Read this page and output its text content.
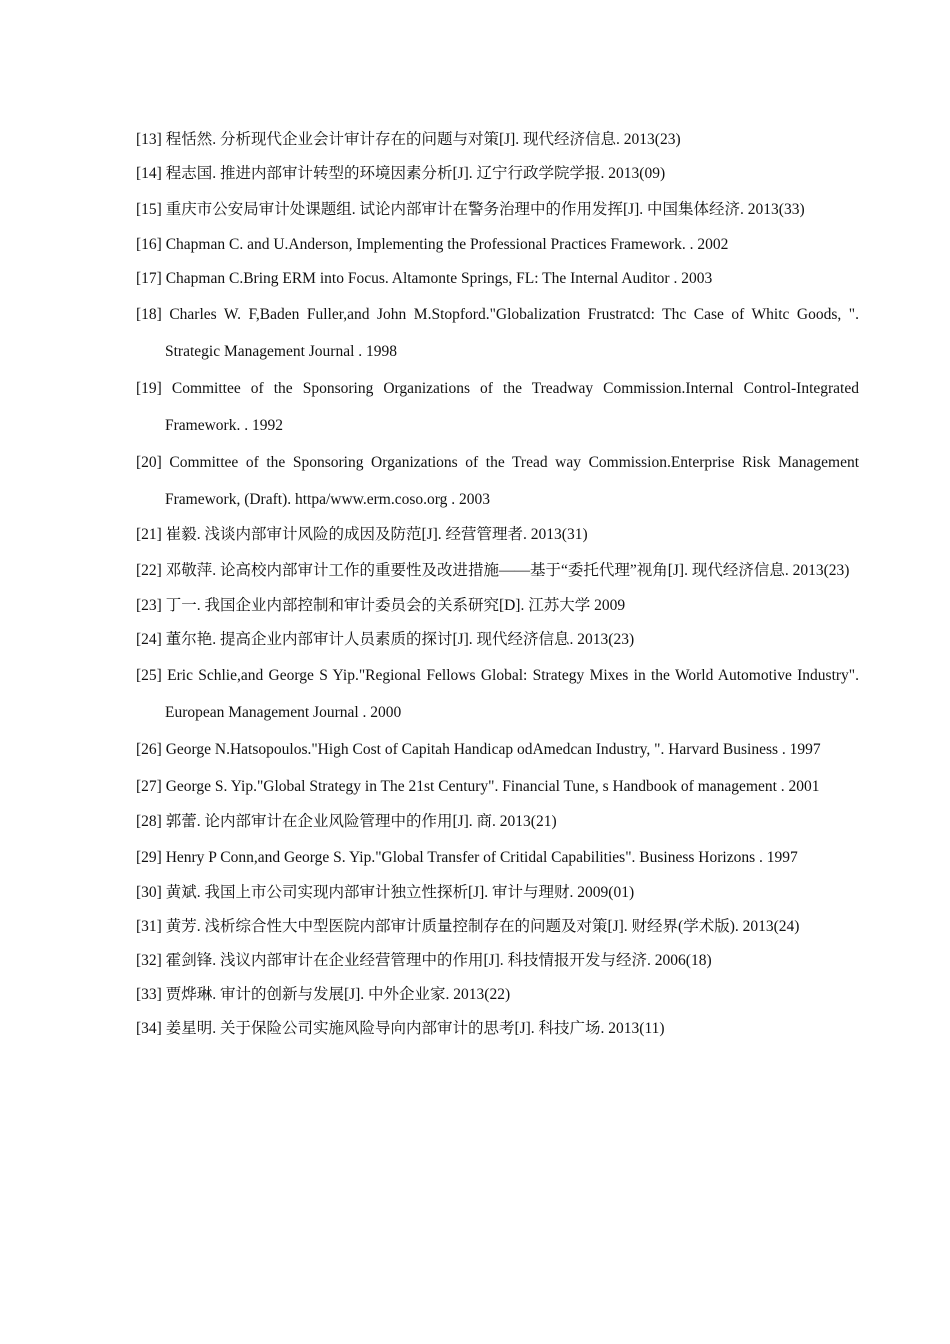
[13] 程恬然. 分析现代企业会计审计存在的问题与对策[J]. 现代经济信息. 2013(23)

[14] 程志国. 推进内部审计转型的环境因素分析[J]. 辽宁行政学院学报. 2013(09)

[15] 重庆市公安局审计处课题组. 试论内部审计在警务治理中的作用发挥[J]. 中国集体经济. 2013(33)

[16] Chapman C. and U.Anderson, Implementing the Professional Practices Framework. . 2002

[17] Chapman C.Bring ERM into Focus. Altamonte Springs, FL: The Internal Auditor . 2003

[18] Charles W. F,Baden Fuller,and John M.Stopford."Globalization Frustratcd: Thc Case of Whitc Goods, ". Strategic Management Journal . 1998

[19] Committee of the Sponsoring Organizations of the Treadway Commission.Internal Control-Integrated Framework. . 1992

[20] Committee of the Sponsoring Organizations of the Tread way Commission.Enterprise Risk Management Framework, (Draft). httpa/www.erm.coso.org . 2003

[21] 崔毅. 浅谈内部审计风险的成因及防范[J]. 经营管理者. 2013(31)

[22] 邓敬萍. 论高校内部审计工作的重要性及改进措施——基于“委托代理”视角[J]. 现代经济信息. 2013(23)

[23] 丁一. 我国企业内部控制和审计委员会的关系研究[D]. 江苏大学 2009

[24] 董尔艳. 提高企业内部审计人员素质的探讨[J]. 现代经济信息. 2013(23)

[25] Eric Schlie,and George S Yip."Regional Fellows Global: Strategy Mixes in the World Automotive Industry". European Management Journal . 2000

[26] George N.Hatsopoulos."High Cost of Capitah Handicap odAmedcan Industry, ". Harvard Business . 1997

[27] George S. Yip."Global Strategy in The 21st Century". Financial Tune, s Handbook of management . 2001

[28] 郭蕾. 论内部审计在企业风险管理中的作用[J]. 商. 2013(21)

[29] Henry P Conn,and George S. Yip."Global Transfer of Critidal Capabilities". Business Horizons . 1997

[30] 黄斌. 我国上市公司实现内部审计独立性探析[J]. 审计与理财. 2009(01)

[31] 黄芳. 浅析综合性大中型医院内部审计质量控制存在的问题及对策[J]. 财经界(学术版). 2013(24)

[32] 霍剑锋. 浅议内部审计在企业经营管理中的作用[J]. 科技情报开发与经济. 2006(18)

[33] 贾烨琳. 审计的创新与发展[J]. 中外企业家. 2013(22)

[34] 姜星明. 关于保险公司实施风险导向内部审计的思考[J]. 科技广场. 2013(11)
